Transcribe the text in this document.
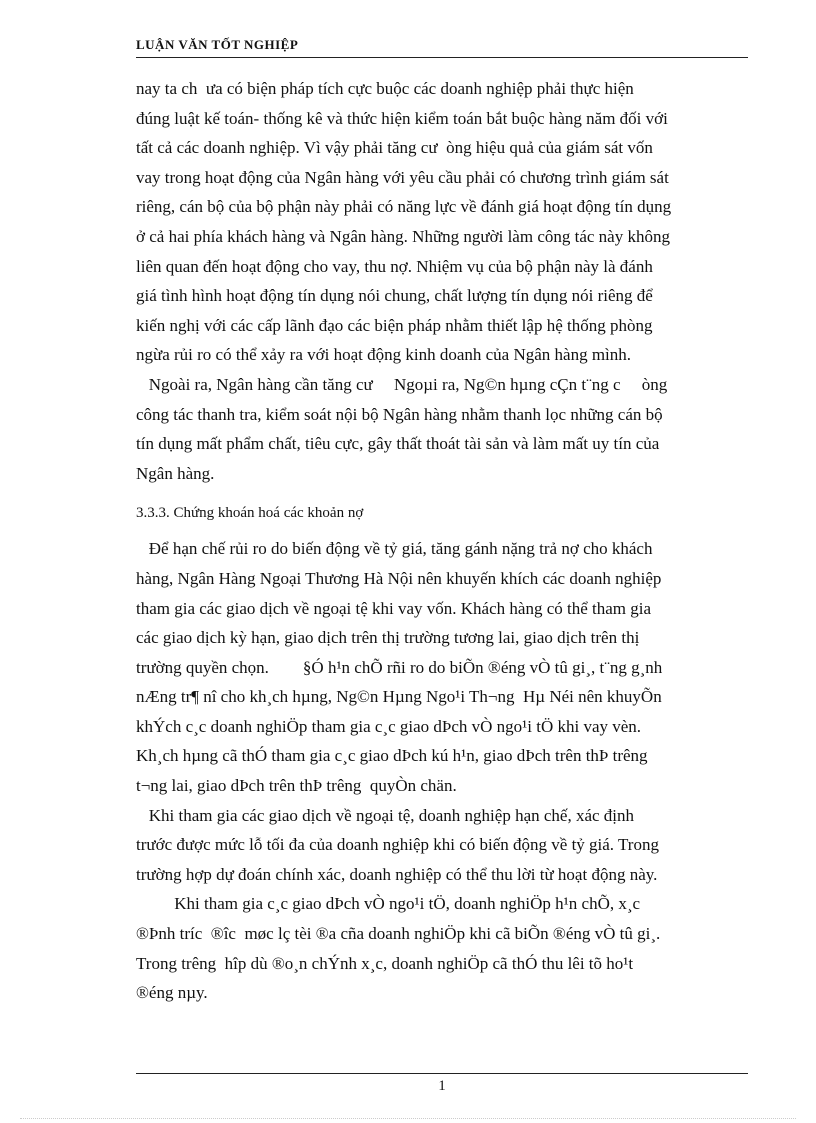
LUẬN VĂN TỐT NGHIỆP
nay ta ch  ưa có biện pháp tích cực buộc các doanh nghiệp phải thực hiện
đúng luật kế toán- thống kê và thức hiện kiểm toán bắt buộc hàng năm đối với
tất cả các doanh nghiệp. Vì vậy phải tăng cư  òng hiệu quả của giám sát vốn
vay trong hoạt động của Ngân hàng với yêu cầu phải có chương trình giám sát
riêng, cán bộ của bộ phận này phải có năng lực về đánh giá hoạt động tín dụng
ở cả hai phía khách hàng và Ngân hàng. Những người làm công tác này không
liên quan đến hoạt động cho vay, thu nợ. Nhiệm vụ của bộ phận này là đánh
giá tình hình hoạt động tín dụng nói chung, chất lượng tín dụng nói riêng để
kiến nghị với các cấp lãnh đạo các biện pháp nhằm thiết lập hệ thống phòng
ngừa rủi ro có thể xảy ra với hoạt động kinh doanh của Ngân hàng mình.
Ngoài ra, Ngân hàng cần tăng cư     Ngoµi ra, Ng©n hµng cÇn t¨ng c     òng
công tác thanh tra, kiểm soát nội bộ Ngân hàng nhằm thanh lọc những cán bộ
tín dụng mất phẩm chất, tiêu cực, gây thất thoát tài sản và làm mất uy tín của
Ngân hàng.
3.3.3. Chứng khoán hoá các khoản nợ
Để hạn chế rủi ro do biến động về tỷ giá, tăng gánh nặng trả nợ cho khách
hàng, Ngân Hàng Ngoại Thương Hà Nội nên khuyến khích các doanh nghiệp
tham gia các giao dịch về ngoại tệ khi vay vốn. Khách hàng có thể tham gia
các giao dịch kỳ hạn, giao dịch trên thị trường tương lai, giao dịch trên thị
trường quyền chọn.        §Ó h¹n chÕ rñi ro do biÕn ®éng vÒ tû gi¸, t¨ng g¸nh
nÆng tr¶ nî cho kh¸ch hµng, Ng©n Hµng Ngo¹i Th¬ng  Hµ Néi nên khuyÕn
khÝch c¸c doanh nghiÖp tham gia c¸c giao dÞch vÒ ngo¹i tÖ khi vay vèn.
Kh¸ch hµng cã thÓ tham gia c¸c giao dÞch kú h¹n, giao dÞch trên thÞ trêng
t¬ng lai, giao dÞch trên thÞ trêng  quyÒn chän.
Khi tham gia các giao dịch về ngoại tệ, doanh nghiệp hạn chế, xác định
trước được mức lỗ tối đa của doanh nghiệp khi có biến động về tỷ giá. Trong
trường hợp dự đoán chính xác, doanh nghiệp có thể thu lời từ hoạt động này.
Khi tham gia c¸c giao dÞch vÒ ngo¹i tÖ, doanh nghiÖp h¹n chÕ, x¸c
®Þnh tríc  ®îc  møc lç tèi ®a cña doanh nghiÖp khi cã biÕn ®éng vÒ tû gi¸.
Trong trêng  hîp dù ®o¸n chÝnh x¸c, doanh nghiÖp cã thÓ thu lêi tõ ho¹t
®éng nµy.
1
